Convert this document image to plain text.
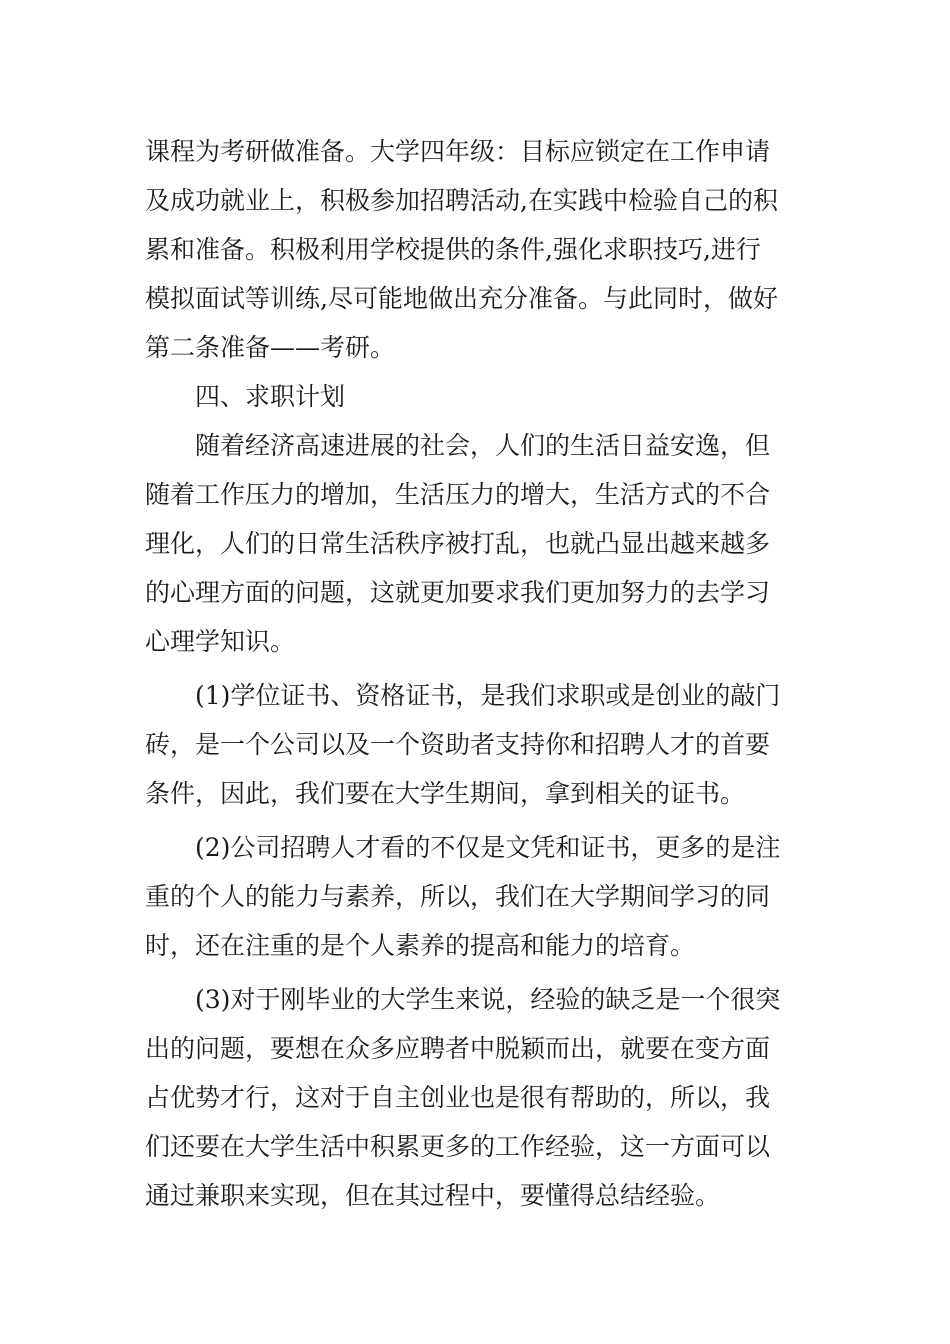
课程为考研做准备。大学四年级：目标应锁定在工作申请

及成功就业上，积极参加招聘活动,在实践中检验自己的积

累和准备。积极利用学校提供的条件,强化求职技巧,进行

模拟面试等训练,尽可能地做出充分准备。与此同时，做好

第二条准备——考研。

四、求职计划

随着经济高速进展的社会，人们的生活日益安逸，但

随着工作压力的增加，生活压力的增大，生活方式的不合

理化，人们的日常生活秩序被打乱，也就凸显出越来越多

的心理方面的问题，这就更加要求我们更加努力的去学习

心理学知识。

(1)学位证书、资格证书，是我们求职或是创业的敲门

砖，是一个公司以及一个资助者支持你和招聘人才的首要

条件，因此，我们要在大学生期间，拿到相关的证书。

(2)公司招聘人才看的不仅是文凭和证书，更多的是注

重的个人的能力与素养，所以，我们在大学期间学习的同

时，还在注重的是个人素养的提高和能力的培育。

(3)对于刚毕业的大学生来说，经验的缺乏是一个很突

出的问题，要想在众多应聘者中脱颖而出，就要在变方面

占优势才行，这对于自主创业也是很有帮助的，所以，我

们还要在大学生活中积累更多的工作经验，这一方面可以

通过兼职来实现，但在其过程中，要懂得总结经验。
